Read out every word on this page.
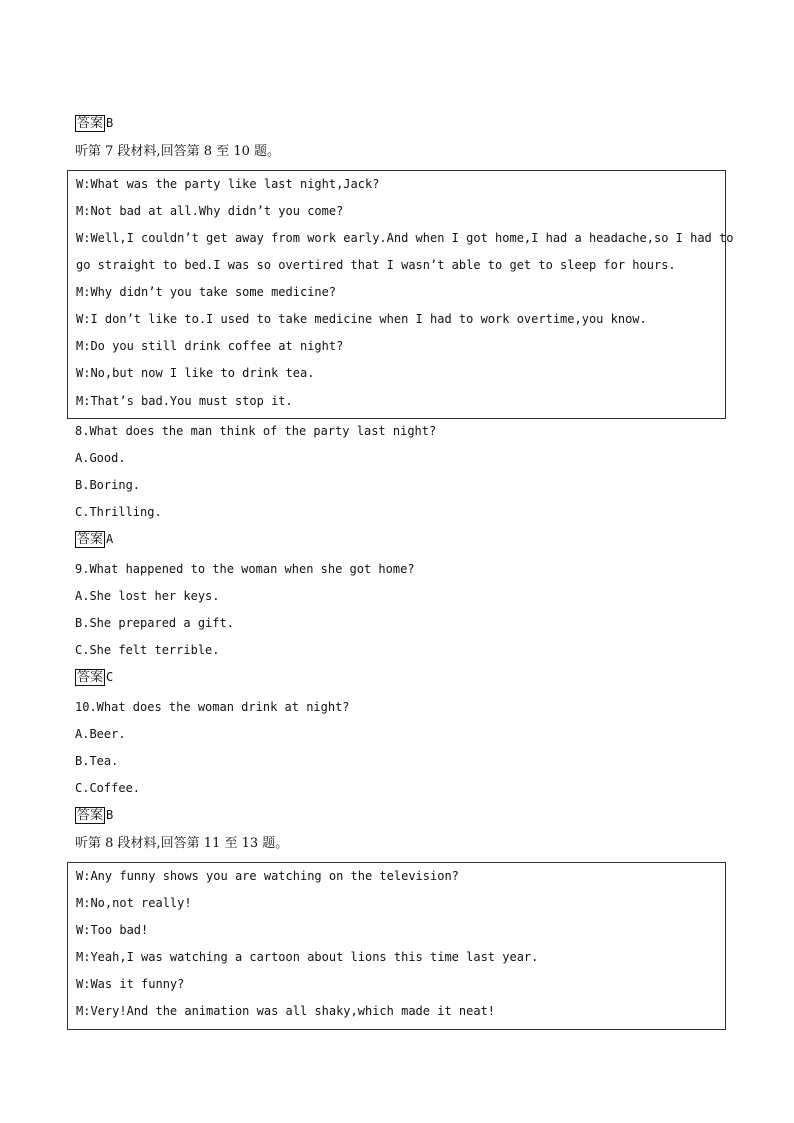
答案 B
听第 7 段材料,回答第 8 至 10 题。
W:What was the party like last night,Jack?
M:Not bad at all.Why didn’t you come?
W:Well,I couldn’t get away from work early.And when I got home,I had a headache,so I had to
go straight to bed.I was so overtired that I wasn’t able to get to sleep for hours.
M:Why didn’t you take some medicine?
W:I don’t like to.I used to take medicine when I had to work overtime,you know.
M:Do you still drink coffee at night?
W:No,but now I like to drink tea.
M:That’s bad.You must stop it.
8.What does the man think of the party last night?
A.Good.
B.Boring.
C.Thrilling.
答案 A
9.What happened to the woman when she got home?
A.She lost her keys.
B.She prepared a gift.
C.She felt terrible.
答案 C
10.What does the woman drink at night?
A.Beer.
B.Tea.
C.Coffee.
答案 B
听第 8 段材料,回答第 11 至 13 题。
W:Any funny shows you are watching on the television?
M:No,not really!
W:Too bad!
M:Yeah,I was watching a cartoon about lions this time last year.
W:Was it funny?
M:Very!And the animation was all shaky,which made it neat!
